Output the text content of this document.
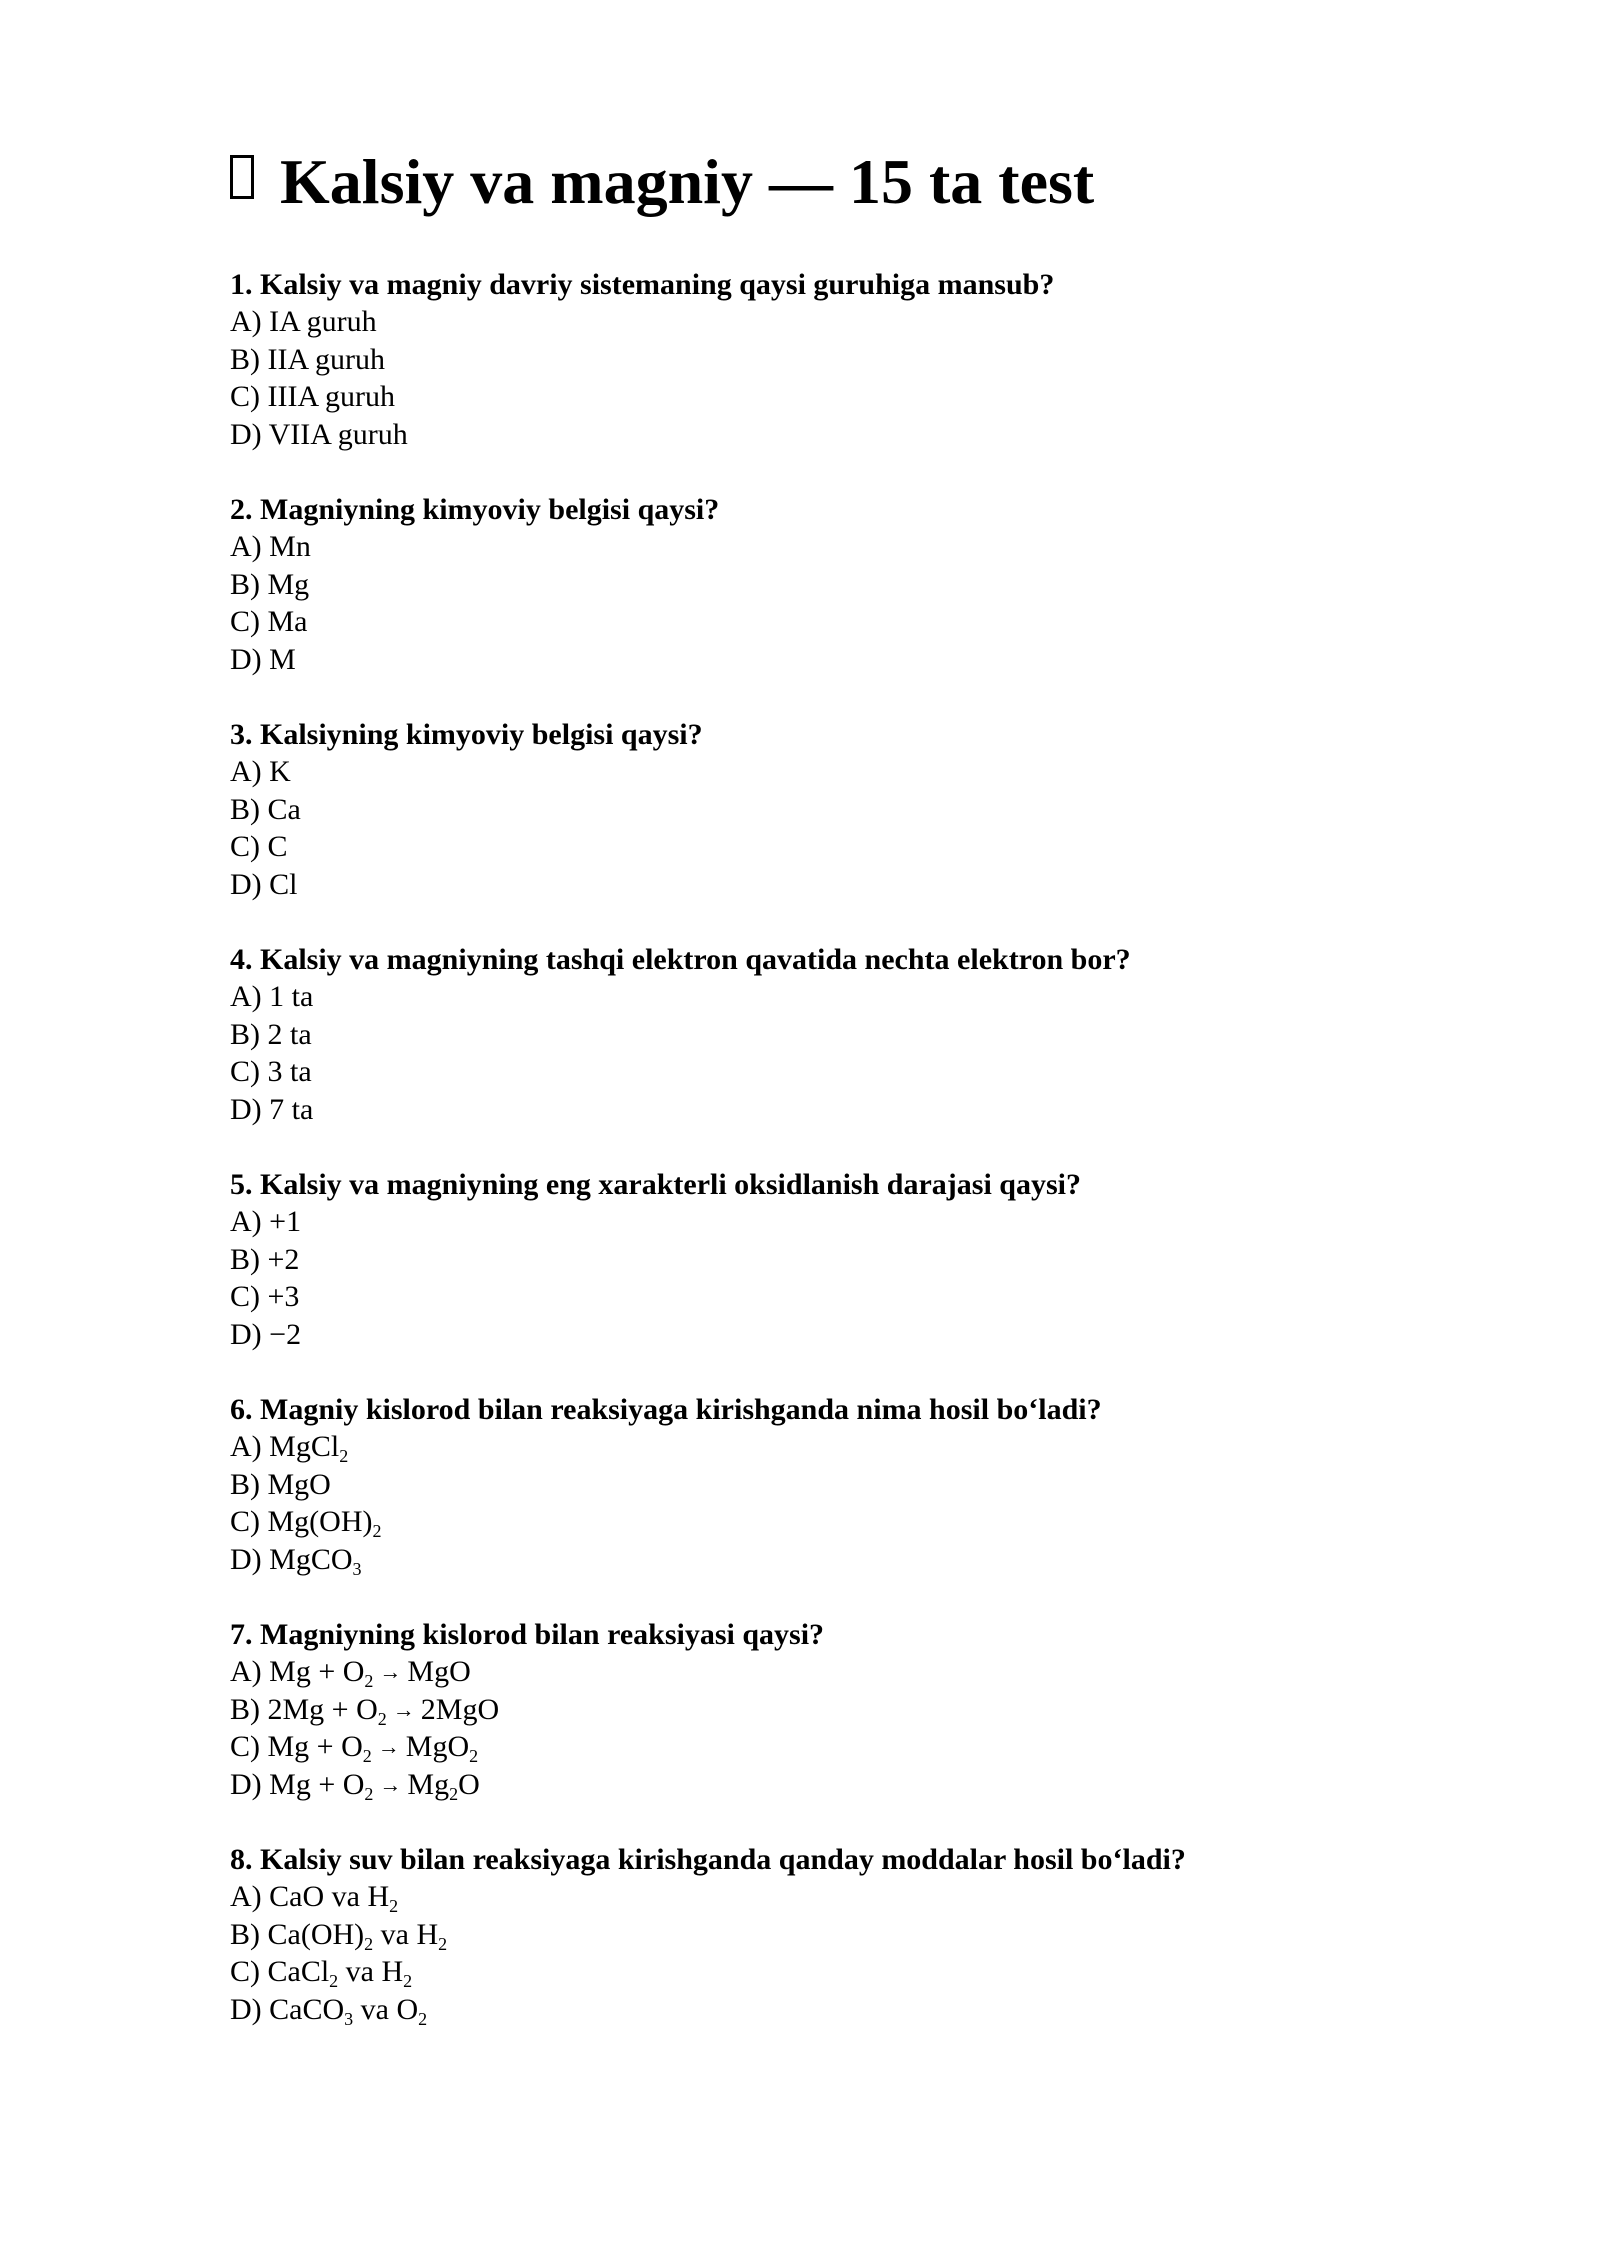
Kalsiy va magniy — 15 ta test
1. Kalsiy va magniy davriy sistemaning qaysi guruhiga mansub?
A) IA guruh
B) IIA guruh
C) IIIA guruh
D) VIIA guruh
2. Magniyning kimyoviy belgisi qaysi?
A) Mn
B) Mg
C) Ma
D) M
3. Kalsiyning kimyoviy belgisi qaysi?
A) K
B) Ca
C) C
D) Cl
4. Kalsiy va magniyning tashqi elektron qavatida nechta elektron bor?
A) 1 ta
B) 2 ta
C) 3 ta
D) 7 ta
5. Kalsiy va magniyning eng xarakterli oksidlanish darajasi qaysi?
A) +1
B) +2
C) +3
D) −2
6. Magniy kislorod bilan reaksiyaga kirishganda nima hosil bo‘ladi?
A) MgCl$_2$
B) MgO
C) $Mg(OH)_2$
D) MgCO$_3$
7. Magniyning kislorod bilan reaksiyasi qaysi?
A) $Mg + O_2$ → MgO
B) $2Mg + O_2 \to 2MgO$
C) $Mg + O_2 \to MgO_2$
D) $Mg + O_2 \to Mg_2O$
8. Kalsiy suv bilan reaksiyaga kirishganda qanday moddalar hosil bo‘ladi?
A) CaO va $H_2$
B) $Ca(OH)_2$ va $H_2$
C) CaCl$_2$ va $H_2$
D) CaCO$_3$ va $O_2$
